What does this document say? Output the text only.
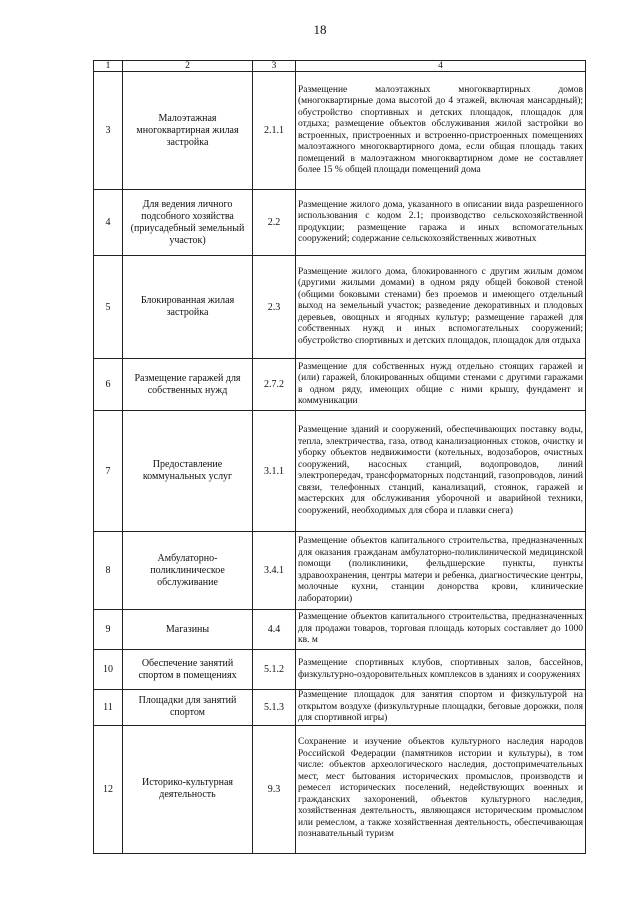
18
1	2	3	4
3	Малоэтажная многоквартирная жилая застройка	2.1.1	Размещение малоэтажных многоквартирных домов (многоквартирные дома высотой до 4 этажей, включая мансардный); обустройство спортивных и детских площадок, площадок для отдыха; размещение объектов обслуживания жилой застройки во встроенных, пристроенных и встроенно-пристроенных помещениях малоэтажного многоквартирного дома, если общая площадь таких помещений в малоэтажном многоквартирном доме не составляет более 15 % общей площади помещений дома
4	Для ведения личного подсобного хозяйства (приусадебный земельный участок)	2.2	Размещение жилого дома, указанного в описании вида разрешенного использования с кодом 2.1; производство сельскохозяйственной продукции; размещение гаража и иных вспомогательных сооружений; содержание сельскохозяйственных животных
5	Блокированная жилая застройка	2.3	Размещение жилого дома, блокированного с другим жилым домом (другими жилыми домами) в одном ряду общей боковой стеной (общими боковыми стенами) без проемов и имеющего отдельный выход на земельный участок; разведение декоративных и плодовых деревьев, овощных и ягодных культур; размещение гаражей для собственных нужд и иных вспомогательных сооружений; обустройство спортивных и детских площадок, площадок для отдыха
6	Размещение гаражей для собственных нужд	2.7.2	Размещение для собственных нужд отдельно стоящих гаражей и (или) гаражей, блокированных общими стенами с другими гаражами в одном ряду, имеющих общие с ними крышу, фундамент и коммуникации
7	Предоставление коммунальных услуг	3.1.1	Размещение зданий и сооружений, обеспечивающих поставку воды, тепла, электричества, газа, отвод канализационных стоков, очистку и уборку объектов недвижимости (котельных, водозаборов, очистных сооружений, насосных станций, водопроводов, линий электропередач, трансформаторных подстанций, газопроводов, линий связи, телефонных станций, канализаций, стоянок, гаражей и мастерских для обслуживания уборочной и аварийной техники, сооружений, необходимых для сбора и плавки снега)
8	Амбулаторно-поликлиническое обслуживание	3.4.1	Размещение объектов капитального строительства, предназначенных для оказания гражданам амбулаторно-поликлинической медицинской помощи (поликлиники, фельдшерские пункты, пункты здравоохранения, центры матери и ребенка, диагностические центры, молочные кухни, станции донорства крови, клинические лаборатории)
9	Магазины	4.4	Размещение объектов капитального строительства, предназначенных для продажи товаров, торговая площадь которых составляет до 1000 кв. м
10	Обеспечение занятий спортом в помещениях	5.1.2	Размещение спортивных клубов, спортивных залов, бассейнов, физкультурно-оздоровительных комплексов в зданиях и сооружениях
11	Площадки для занятий спортом	5.1.3	Размещение площадок для занятия спортом и физкультурой на открытом воздухе (физкультурные площадки, беговые дорожки, поля для спортивной игры)
12	Историко-культурная деятельность	9.3	Сохранение и изучение объектов культурного наследия народов Российской Федерации (памятников истории и культуры), в том числе: объектов археологического наследия, достопримечательных мест, мест бытования исторических промыслов, производств и ремесел исторических поселений, недействующих военных и гражданских захоронений, объектов культурного наследия, хозяйственная деятельность, являющаяся историческим промыслом или ремеслом, а также хозяйственная деятельность, обеспечивающая познавательный туризм
